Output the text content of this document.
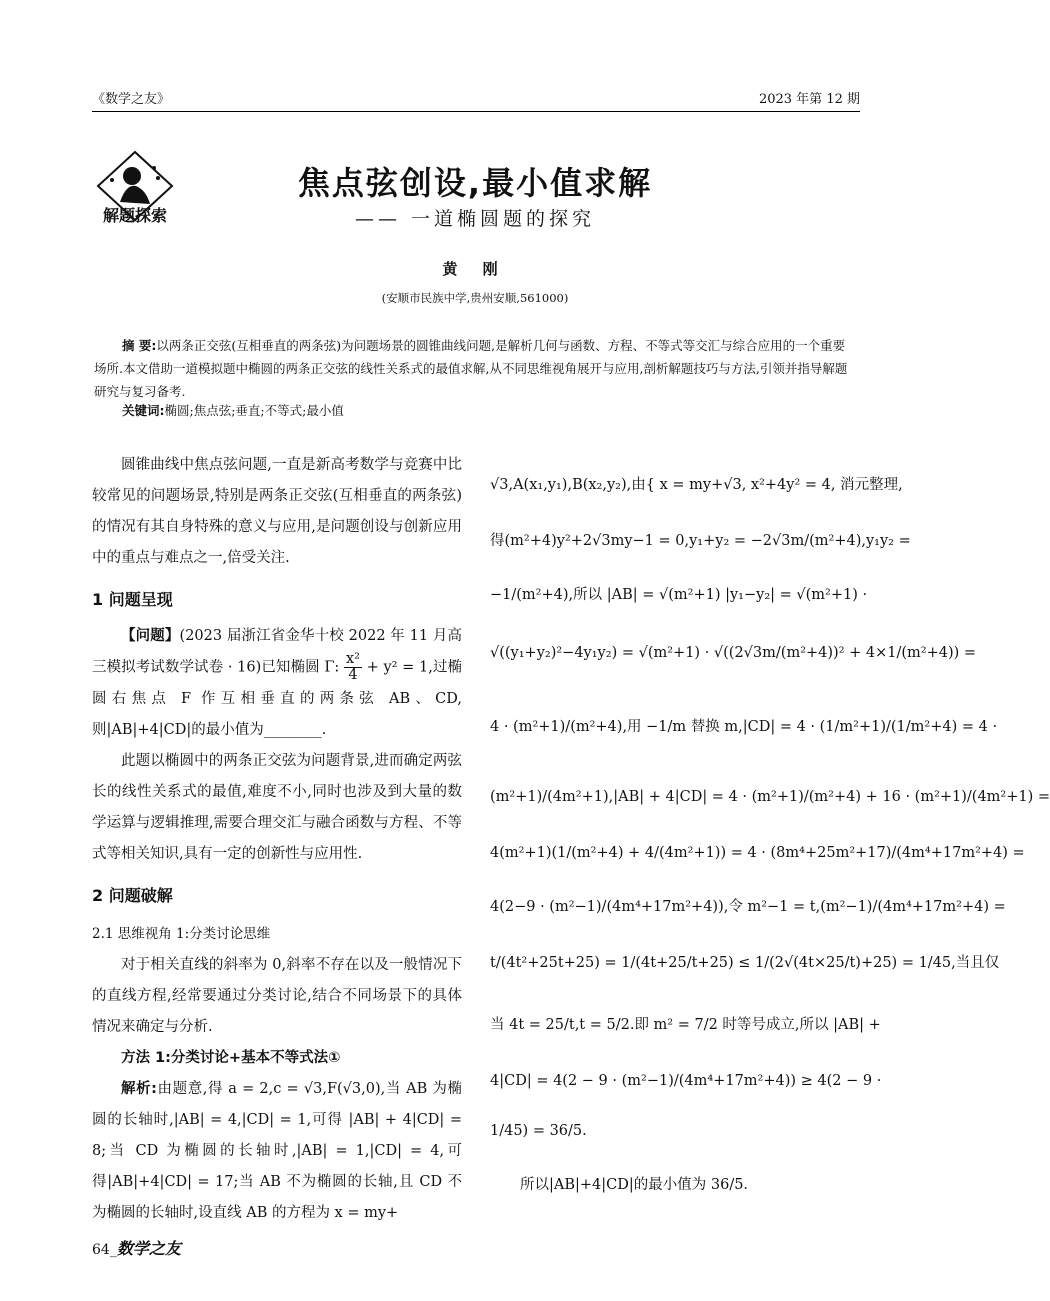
《数学之友》	2023 年第 12 期
解题探索
焦点弦创设,最小值求解
—— 一道椭圆题的探究
黄 刚
(安顺市民族中学,贵州安顺,561000)
摘 要:以两条正交弦(互相垂直的两条弦)为问题场景的圆锥曲线问题,是解析几何与函数、方程、不等式等交汇与综合应用的一个重要场所.本文借助一道模拟题中椭圆的两条正交弦的线性关系式的最值求解,从不同思维视角展开与应用,剖析解题技巧与方法,引领并指导解题研究与复习备考.
关键词:椭圆;焦点弦;垂直;不等式;最小值

圆锥曲线中焦点弦问题,一直是新高考数学与竞赛中比较常见的问题场景,特别是两条正交弦(互相垂直的两条弦)的情况有其自身特殊的意义与应用,是问题创设与创新应用中的重点与难点之一,倍受关注.

1 问题呈现

【问题】(2023 届浙江省金华十校 2022 年 11 月高三模拟考试数学试卷 · 16)已知椭圆 Γ: $\frac{\text{x²}}{4} + y^2 = 1$,过椭圆右焦点 F 作互相垂直的两条弦 AB、CD,则|AB|+4|CD|的最小值为________.

此题以椭圆中的两条正交弦为问题背景,进而确定两弦长的线性关系式的最值,难度不小,同时也涉及到大量的数学运算与逻辑推理,需要合理交汇与融合函数与方程、不等式等相关知识,具有一定的创新性与应用性.

2 问题破解
2.1 思维视角 1:分类讨论思维

对于相关直线的斜率为 0,斜率不存在以及一般情况下的直线方程,经常要通过分类讨论,结合不同场景下的具体情况来确定与分析.

方法 1:分类讨论+基本不等式法①

解析:由题意,得 a = 2,c = √3,F(√3,0),当 AB 为椭圆的长轴时,|AB| = 4,|CD| = 1,可得 |AB| + 4|CD| = 8;当 CD 为椭圆的长轴时,|AB| = 1,|CD| = 4,可得|AB|+4|CD| = 17;当 AB 不为椭圆的长轴,且 CD 不为椭圆的长轴时,设直线 AB 的方程为 x = my+

√3,A(x₁,y₁),B(x₂,y₂),由{ x = my+√3, x²+4y² = 4, 消元整理,
得(m²+4)y²+2√3my−1 = 0,y₁+y₂ = −2√3m/(m²+4),y₁y₂ =
−1/(m²+4),所以 |AB| = √(m²+1) |y₁−y₂| = √(m²+1) ·
√((y₁+y₂)²−4y₁y₂) = √(m²+1) · √((2√3m/(m²+4))² + 4×1/(m²+4)) =
4 · (m²+1)/(m²+4),用 −1/m 替换 m,|CD| = 4 · (1/m²+1)/(1/m²+4) = 4 ·
(m²+1)/(4m²+1),|AB| + 4|CD| = 4 · (m²+1)/(m²+4) + 16 · (m²+1)/(4m²+1) =
4(m²+1)(1/(m²+4) + 4/(4m²+1)) = 4 · (8m⁴+25m²+17)/(4m⁴+17m²+4) =
4(2−9 · (m²−1)/(4m⁴+17m²+4)),令 m²−1 = t,(m²−1)/(4m⁴+17m²+4) =
t/(4t²+25t+25) = 1/(4t+25/t+25) ≤ 1/(2√(4t×25/t)+25) = 1/45,当且仅
当 4t = 25/t,t = 5/2.即 m² = 7/2 时等号成立,所以 |AB| +
4|CD| = 4(2 − 9 · (m²−1)/(4m⁴+17m²+4)) ≥ 4(2 − 9 ·
1/45) = 36/5.
所以|AB|+4|CD|的最小值为 36/5.
64_数学之友
